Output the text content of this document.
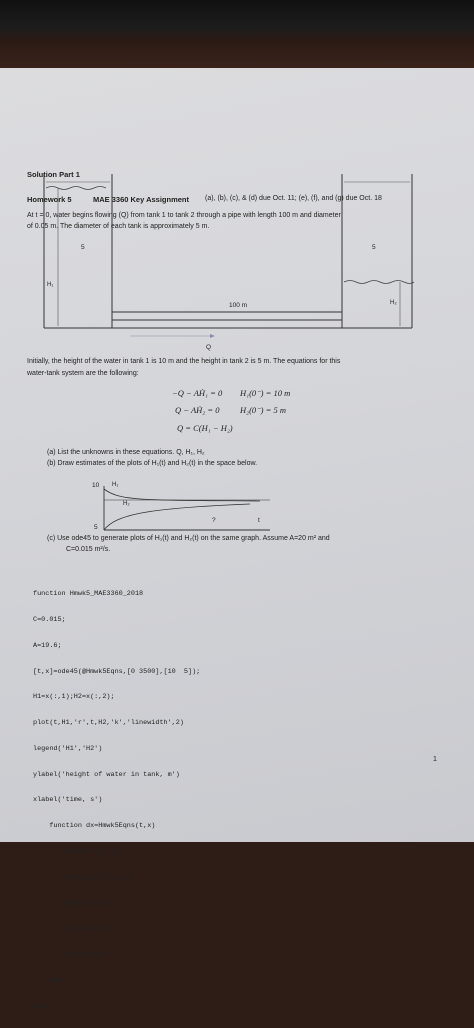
Solution Part 1
Homework 5	MAE 3360 Key Assignment (a), (b), (c), & (d) due Oct. 11; (e), (f), and (g) due Oct. 18
At t = 0, water begins flowing (Q) from tank 1 to tank 2 through a pipe with length 100 m and diameter
of 0.05 m. The diameter of each tank is approximately 5 m.
5	5
H₁
H₂
100 m
Q
Initially, the height of the water in tank 1 is 10 m and the height in tank 2 is 5 m. The equations for this
water-tank system are the following:
−Q − AḢ₁ = 0 H₁(0⁻) = 10 m
Q − AḢ₂ = 0 H₂(0⁻) = 5 m
Q = C(H₁ − H₂)
(a) List the unknowns in these equations. Q, H₁, H₂
(b) Draw estimates of the plots of H₁(t) and H₂(t) in the space below.
10
5
H₁
H₂
?	t
(c) Use ode45 to generate plots of H₁(t) and H₂(t) on the same graph. Assume A=20 m² and
C=0.015 m²/s.

function Hmwk5_MAE3360_2018

C=0.015;

A=19.6;

[t,x]=ode45(@Hmwk5Eqns,[0 3500],[10  5]);

H1=x(:,1);H2=x(:,2);

plot(t,H1,'r',t,H2,'k','linewidth',2)

legend('H1','H2')

ylabel('height of water in tank, m')

xlabel('time, s')

function dx=Hmwk5Eqns(t,x)

dx=zeros(2,1);

h1=x(1);h2=x(2);

Q=C*(h1-h2);

dx(1)=-Q/A;

dx(2)=Q/A;

end

end

1
